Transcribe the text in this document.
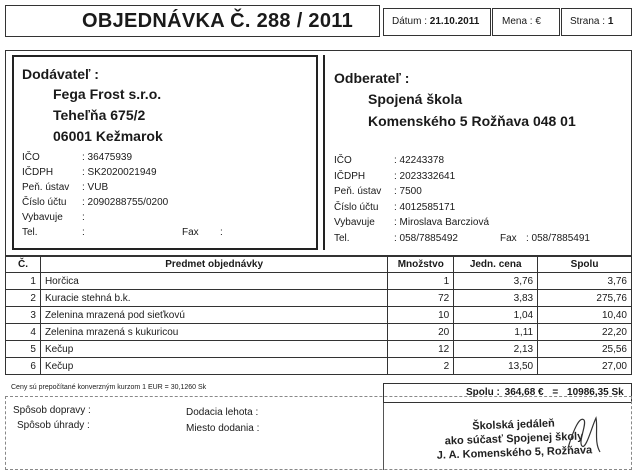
OBJEDNÁVKA Č. 288 / 2011	Dátum : 21.10.2011 Mena : €	Strana : 1
Dodávateľ :
Fega Frost s.r.o.
Teheľňa 675/2
06001 Kežmarok
IČO	: 36475939
IČDPH	: SK2020021949
Peň. ústav : VUB
Číslo účtu : 2090288755/0200
Vybavuje :
Tel.	:	Fax :
Odberateľ :
Spojená škola
Komenského 5 Rožňava 048 01
IČO	: 42243378
IČDPH	: 2023332641
Peň. ústav : 7500
Číslo účtu : 4012585171
Vybavuje : Miroslava Barcziová
Tel.	: 058/7885492	Fax : 058/7885491
Č.	Predmet objednávky	Množstvo	Jedn. cena	Spolu
1	Horčica	1	3,76	3,76
2	Kuracie stehná b.k.	72	3,83	275,76
3	Zelenina mrazená pod sieťkovú	10	1,04	10,40
4	Zelenina mrazená s kukuricou	20	1,11	22,20
5	Kečup	12	2,13	25,56
6	Kečup	2	13,50	27,00
Ceny sú prepočítané konverzným kurzom 1 EUR = 30,1260 Sk	Spolu : 364,68 € = 10986,35 Sk
Spôsob dopravy :
Spôsob úhrady :
Dodacia lehota :
Miesto dodania :	Školská jedáleň
ako súčasť Spojenej školy
J. A. Komenského 5, Rožňava
